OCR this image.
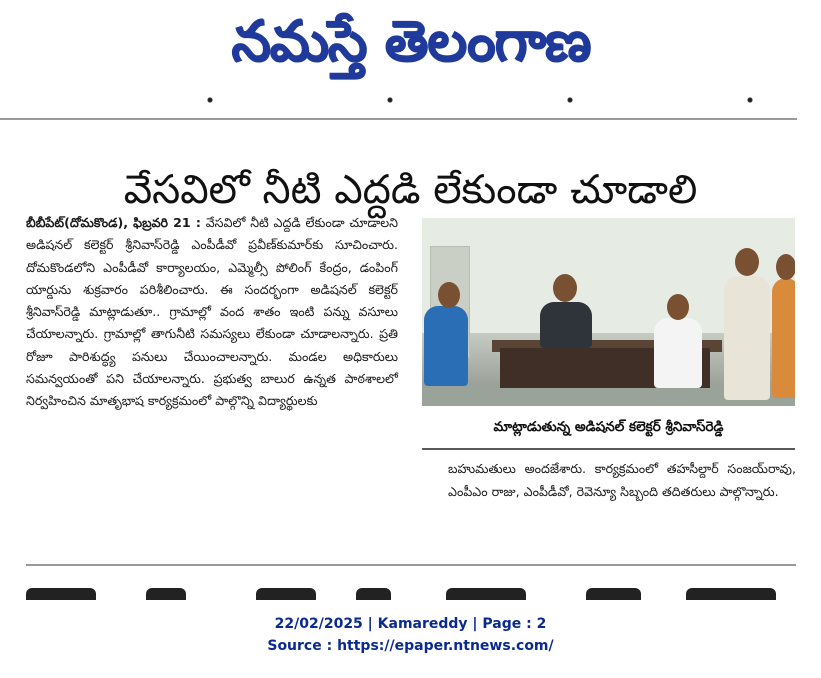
నమస్తే తెలంగాణ
వేసవిలో నీటి ఎద్దడి లేకుండా చూడాలి
బీబీపేట్(దోమకొండ), ఫిబ్రవరి 21 : వేసవిలో నీటి ఎద్దడి లేకుండా చూడాలని అడిషనల్ కలెక్టర్ శ్రీనివాస్‌రెడ్డి ఎంపీడీవో ప్రవీణ్‌కుమార్‌కు సూచించారు. దోమకొండలోని ఎంపీడీవో కార్యాలయం, ఎమ్మెల్సీ పోలింగ్ కేంద్రం, డంపింగ్ యార్డును శుక్రవారం పరిశీలించారు. ఈ సందర్భంగా అడిషనల్ కలెక్టర్ శ్రీనివాస్‌రెడ్డి మాట్లాడుతూ.. గ్రామాల్లో వంద శాతం ఇంటి పన్ను వసూలు చేయాలన్నారు. గ్రామాల్లో తాగునీటి సమస్యలు లేకుండా చూడాలన్నారు. ప్రతి రోజూ పారిశుద్ధ్య పనులు చేయించాలన్నారు. మండల అధికారులు సమన్వయంతో పని చేయాలన్నారు. ప్రభుత్వ బాలుర ఉన్నత పాఠశాలలో నిర్వహించిన మాతృభాష కార్యక్రమంలో పాల్గొన్ని విద్యార్థులకు
మాట్లాడుతున్న అడిషనల్ కలెక్టర్ శ్రీనివాస్‌రెడ్డి
బహుమతులు అందజేశారు. కార్యక్రమంలో తహసీల్దార్ సంజయ్‌రావు, ఎంపీఎం రాజు, ఎంపీడీవో, రెవెన్యూ సిబ్బంది తదితరులు పాల్గొన్నారు.
22/02/2025 | Kamareddy | Page : 2
Source : https://epaper.ntnews.com/
